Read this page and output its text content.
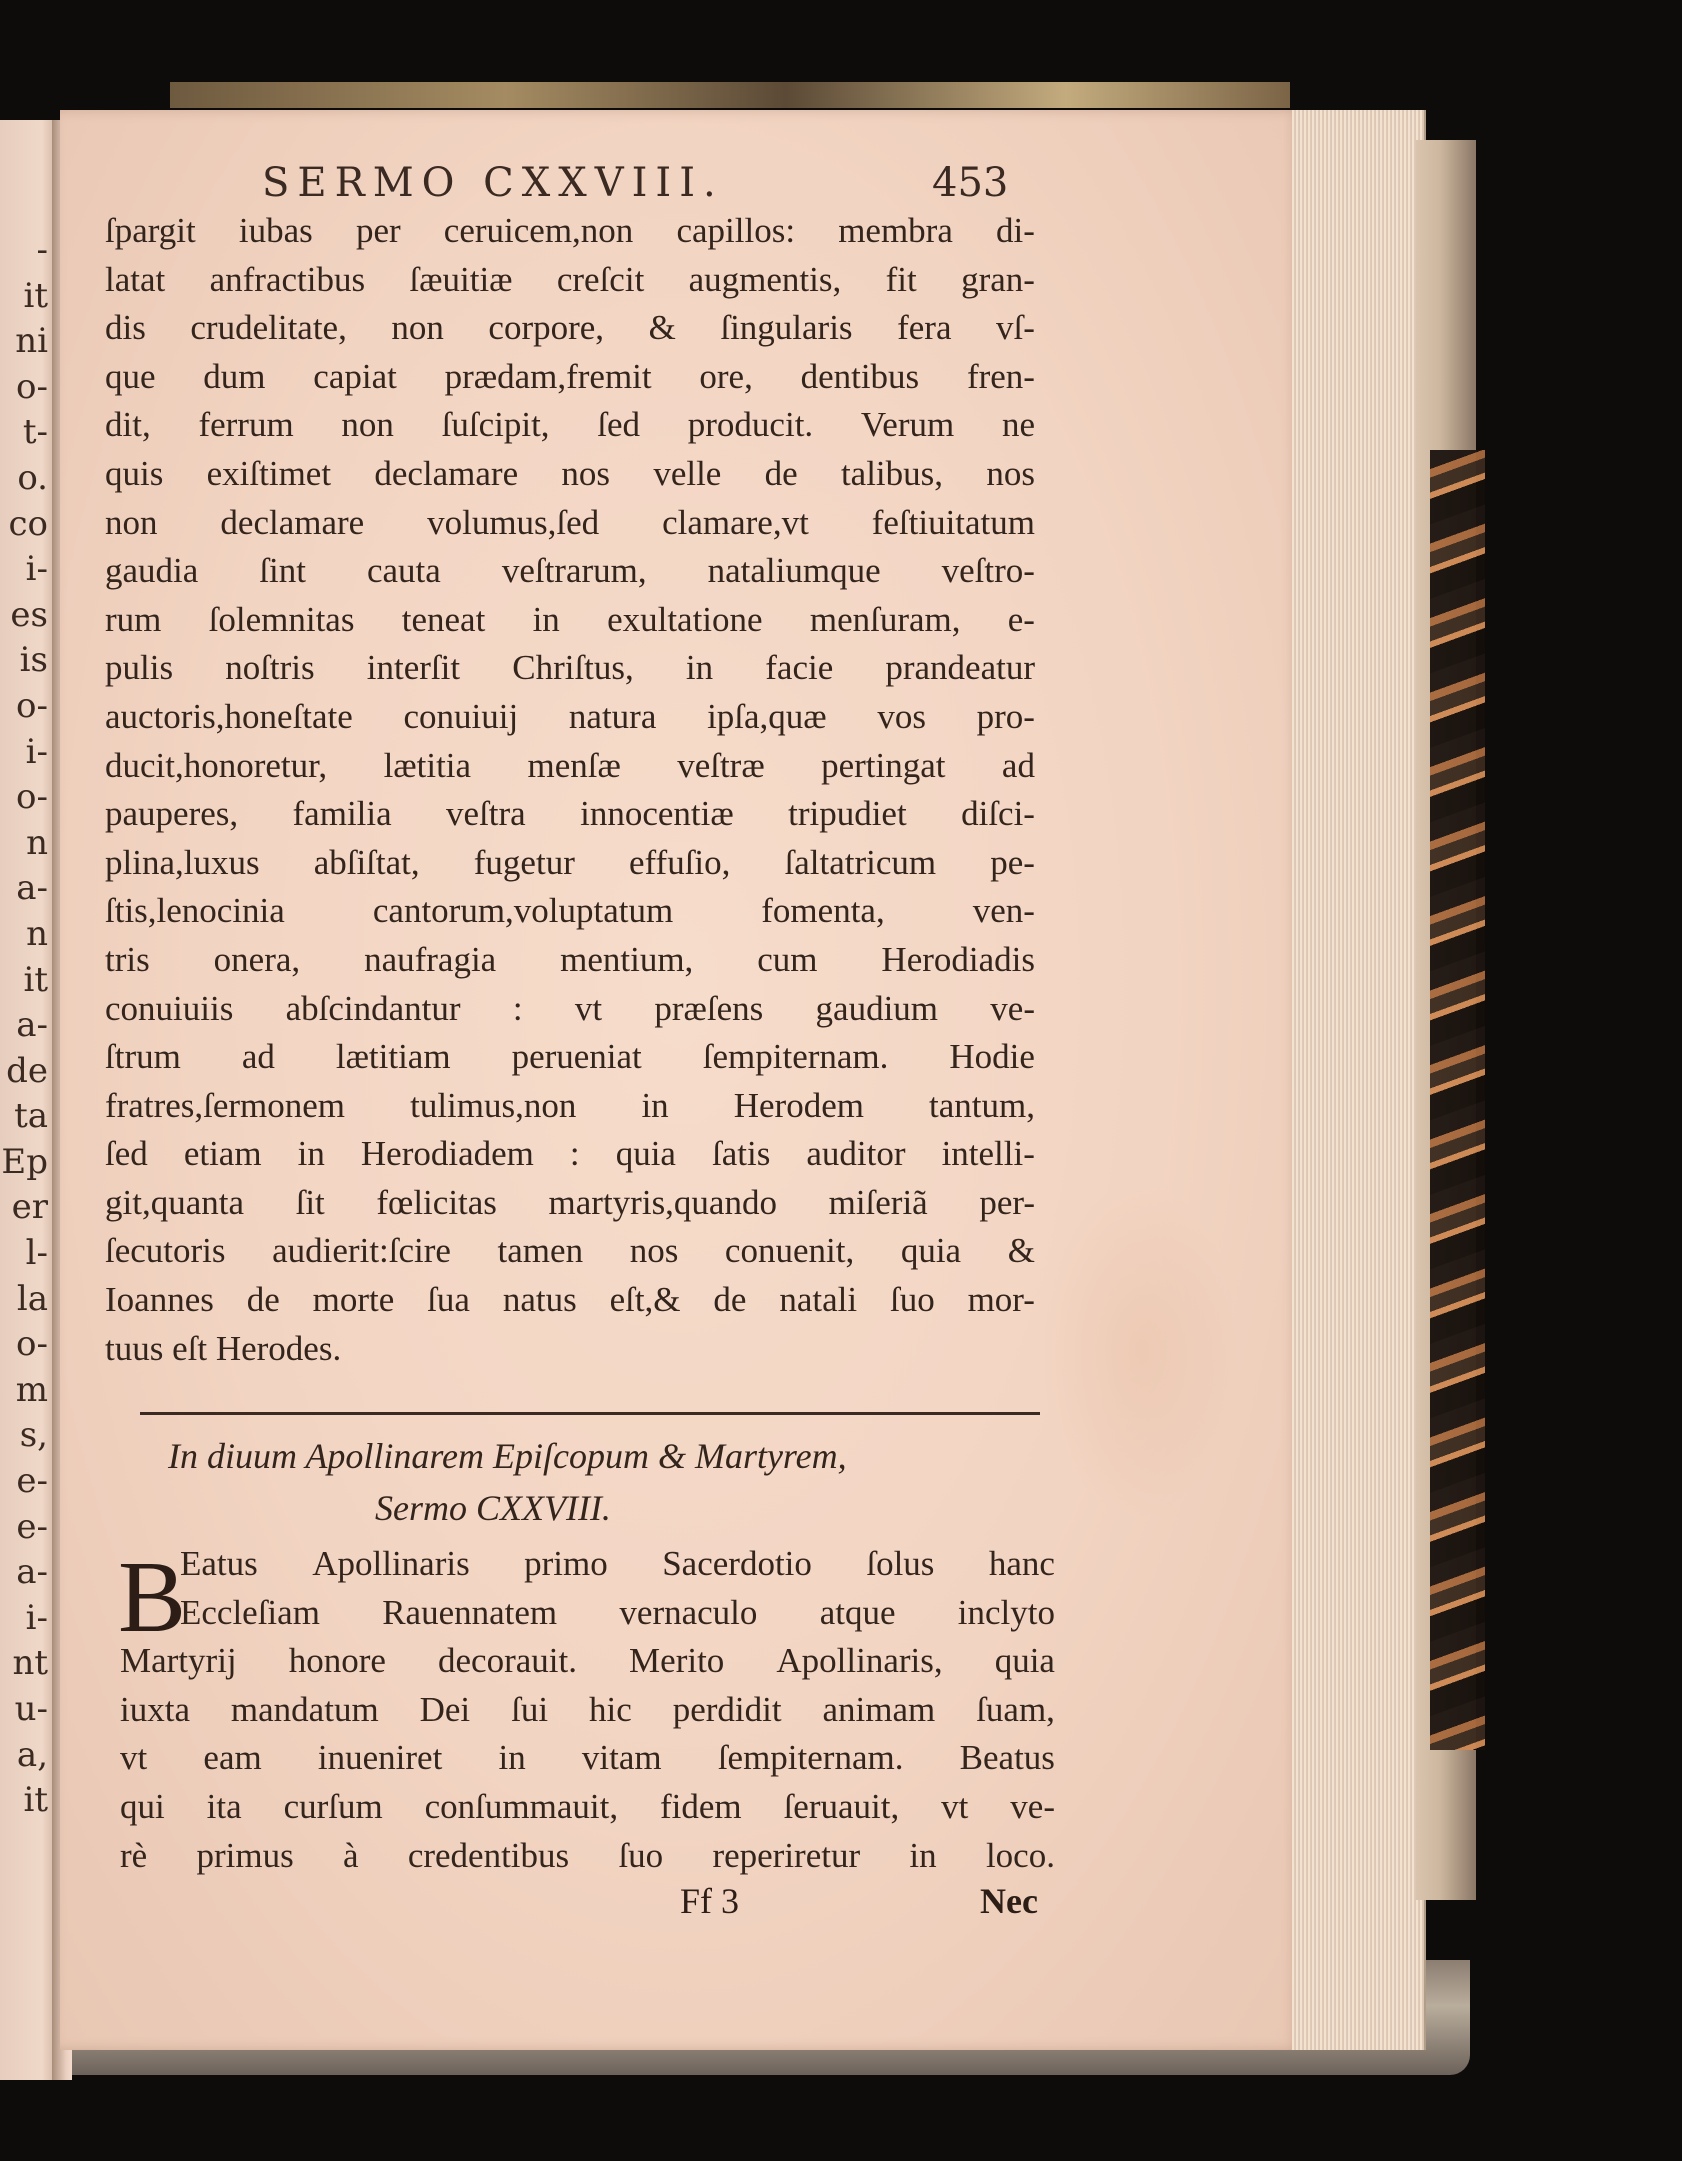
-
it
ni
o-
t-
o.
co
i-
es
is
o-
i-
o-
n
a-
n
it
a-
de
ta
Ep
er
l-
la
o-
m
s,
e-
e-
a-
i-
nt
u-
a,
it
SERMO CXXVIII.	453
ſpargit iubas per ceruicem,non capillos: membra di-
latat anfractibus ſæuitiæ creſcit augmentis, fit gran-
dis crudelitate, non corpore, & ſingularis fera vſ-
que dum capiat prædam,fremit ore, dentibus fren-
dit, ferrum non ſuſcipit, ſed producit. Verum ne
quis exiſtimet declamare nos velle de talibus, nos
non declamare volumus,ſed clamare,vt feſtiuitatum
gaudia ſint cauta veſtrarum, nataliumque veſtro-
rum ſolemnitas teneat in exultatione menſuram, e-
pulis noſtris interſit Chriſtus, in facie prandeatur
auctoris,honeſtate conuiuij natura ipſa,quæ vos pro-
ducit,honoretur, lætitia menſæ veſtræ pertingat ad
pauperes, familia veſtra innocentiæ tripudiet diſci-
plina,luxus abſiſtat, fugetur effuſio, ſaltatricum pe-
ſtis,lenocinia	cantorum,voluptatum	fomenta,	ven-
tris onera, naufragia mentium, cum Herodiadis
conuiuiis abſcindantur : vt præſens gaudium ve-
ſtrum ad lætitiam perueniat ſempiternam. Hodie
fratres,ſermonem tulimus,non in Herodem tantum,
ſed etiam in Herodiadem : quia ſatis auditor intelli-
git,quanta ſit fœlicitas martyris,quando miſeriã per-
ſecutoris audierit:ſcire tamen nos conuenit, quia &
Ioannes de morte ſua natus eſt,& de natali ſuo mor-
tuus eſt Herodes.
In diuum Apollinarem Epiſcopum & Martyrem,
Sermo CXXVIII.
B
Eatus Apollinaris primo Sacerdotio ſolus hanc
Eccleſiam Rauennatem vernaculo atque inclyto
Martyrij honore decorauit. Merito Apollinaris, quia
iuxta mandatum Dei ſui hic perdidit animam ſuam,
vt eam inueniret in vitam ſempiternam. Beatus
qui ita curſum conſummauit, fidem ſeruauit, vt ve-
rè primus à credentibus ſuo reperiretur in loco.
Ff 3	Nec
